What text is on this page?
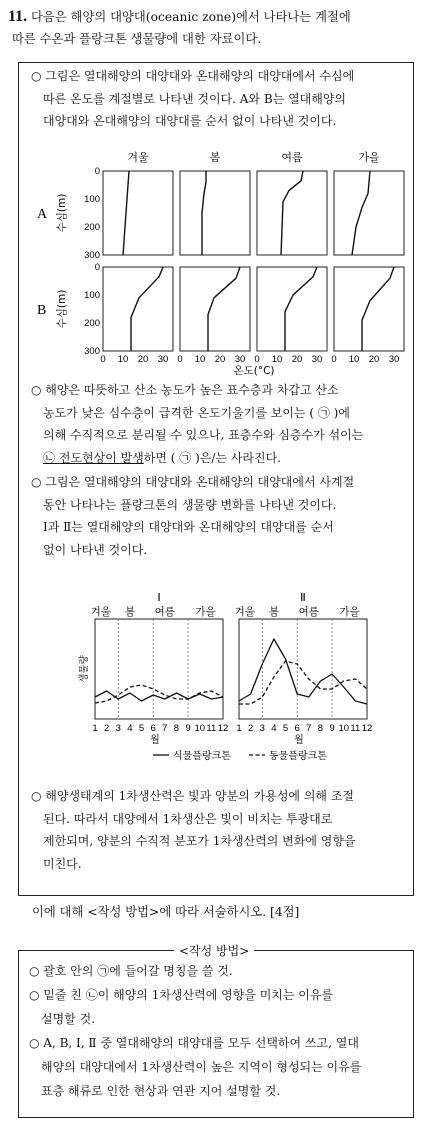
11. 다음은 해양의 대양대(oceanic zone)에서 나타나는 계절에
따른 수온과 플랑크톤 생물량에 대한 자료이다.
○ 그림은 열대해양의 대양대와 온대해양의 대양대에서 수심에
따른 온도를 계절별로 나타낸 것이다. A와 B는 열대해양의
대양대와 온대해양의 대양대를 순서 없이 나타낸 것이다.
겨울	봄	여름	가을
A 수심(m)
0
100
200
300
B 수심(m)
0
100
200
300
0 10 20 30 0 10 20 30 0 10 20 30 0 10 20 30
온도(°C)
○ 해양은 따뜻하고 산소 농도가 높은 표수층과 차갑고 산소
농도가 낮은 심수층이 급격한 온도기울기를 보이는 ( ㉠ )에
의해 수직적으로 분리될 수 있으나, 표층수와 심층수가 섞이는
㉡ 전도현상이 발생하면 ( ㉠ )은/는 사라진다.
○ 그림은 열대해양의 대양대와 온대해양의 대양대에서 사계절
동안 나타나는 플랑크톤의 생물량 변화를 나타낸 것이다.
Ⅰ과 Ⅱ는 열대해양의 대양대와 온대해양의 대양대를 순서
없이 나타낸 것이다.
Ⅰ
겨울 봄 여름 가을
1 2 3 4 5 6 7 8 9 10 11 12
월
Ⅱ
겨울 봄 여름 가을
1 2 3 4 5 6 7 8 9 10 11 12
월
생물량
식물플랑크톤	동물플랑크톤
○ 해양생태계의 1차생산력은 빛과 양분의 가용성에 의해 조절
된다. 따라서 대양에서 1차생산은 빛이 비치는 투광대로
제한되며, 양분의 수직적 분포가 1차생산력의 변화에 영향을
미친다.
이에 대해 <작성 방법>에 따라 서술하시오. [4점]
<작성 방법>
○ 괄호 안의 ㉠에 들어갈 명칭을 쓸 것.
○ 밑줄 친 ㉡이 해양의 1차생산력에 영향을 미치는 이유를
설명할 것.
○ A, B, Ⅰ, Ⅱ 중 열대해양의 대양대를 모두 선택하여 쓰고, 열대
해양의 대양대에서 1차생산력이 높은 지역이 형성되는 이유를
표층 해류로 인한 현상과 연관 지어 설명할 것.
